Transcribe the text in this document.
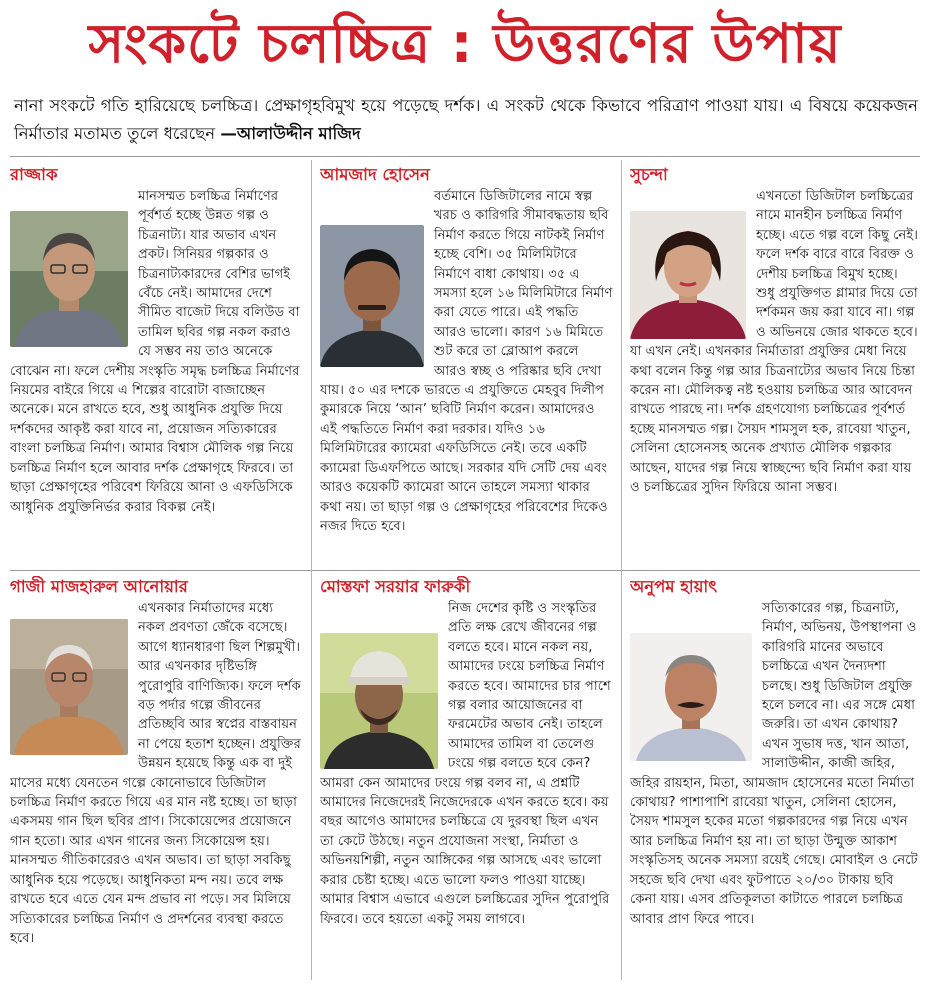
সংকটে চলচ্চিত্র : উত্তরণের উপায়
নানা সংকটে গতি হারিয়েছে চলচ্চিত্র। প্রেক্ষাগৃহবিমুখ হয়ে পড়েছে দর্শক। এ সংকট থেকে কিভাবে পরিত্রাণ পাওয়া যায়। এ বিষয়ে কয়েকজন নির্মাতার মতামত তুলে ধরেছেন —আলাউদ্দীন মাজিদ
রাজ্জাক
মানসম্মত চলচ্চিত্র নির্মাণের পূর্বশর্ত হচ্ছে উন্নত গল্প ও চিত্রনাট্য। যার অভাব এখন প্রকট। সিনিয়র গল্পকার ও চিত্রনাট্যকারদের বেশির ভাগই বেঁচে নেই। আমাদের দেশে সীমিত বাজেট দিয়ে বলিউড বা তামিল ছবির গল্প নকল করাও যে সম্ভব নয় তাও অনেকে বোঝেন না। ফলে দেশীয় সংস্কৃতি সমৃদ্ধ চলচ্চিত্র নির্মাণের নিয়মের বাইরে গিয়ে এ শিল্পের বারোটা বাজাচ্ছেন অনেকে। মনে রাখতে হবে, শুধু আধুনিক প্রযুক্তি দিয়ে দর্শকদের আকৃষ্ট করা যাবে না, প্রয়োজন সত্যিকারের বাংলা চলচ্চিত্র নির্মাণ। আমার বিশ্বাস মৌলিক গল্প নিয়ে চলচ্চিত্র নির্মাণ হলে আবার দর্শক প্রেক্ষাগৃহে ফিরবে। তা ছাড়া প্রেক্ষাগৃহের পরিবেশ ফিরিয়ে আনা ও এফডিসিকে আধুনিক প্রযুক্তিনির্ভর করার বিকল্প নেই।
আমজাদ হোসেন
বর্তমানে ডিজিটালের নামে স্বল্প খরচ ও কারিগরি সীমাবদ্ধতায় ছবি নির্মাণ করতে গিয়ে নাটকই নির্মাণ হচ্ছে বেশি। ৩৫ মিলিমিটারে নির্মাণে বাধা কোথায়। ৩৫ এ সমস্যা হলে ১৬ মিলিমিটারে নির্মাণ করা যেতে পারে। এই পদ্ধতি আরও ভালো। কারণ ১৬ মিমিতে শুট করে তা ব্লোআপ করলে আরও স্বচ্ছ ও পরিষ্কার ছবি দেখা যায়। ৫০ এর দশকে ভারতে এ প্রযুক্তিতে মেহবুব দিলীপ কুমারকে নিয়ে ‘আন’ ছবিটি নির্মাণ করেন। আমাদেরও এই পদ্ধতিতে নির্মাণ করা দরকার। যদিও ১৬ মিলিমিটারের ক্যামেরা এফডিসিতে নেই। তবে একটি ক্যামেরা ডিএফপিতে আছে। সরকার যদি সেটি দেয় এবং আরও কয়েকটি ক্যামেরা আনে তাহলে সমস্যা থাকার কথা নয়। তা ছাড়া গল্প ও প্রেক্ষাগৃহের পরিবেশের দিকেও নজর দিতে হবে।
সুচন্দা
এখনতো ডিজিটাল চলচ্চিত্রের নামে মানহীন চলচ্চিত্র নির্মাণ হচ্ছে। এতে গল্প বলে কিছু নেই। ফলে দর্শক বারে বারে বিরক্ত ও দেশীয় চলচ্চিত্র বিমুখ হচ্ছে। শুধু প্রযুক্তিগত গ্লামার দিয়ে তো দর্শকমন জয় করা যাবে না। গল্প ও অভিনয়ে জোর থাকতে হবে। যা এখন নেই। এখনকার নির্মাতারা প্রযুক্তির মেধা নিয়ে কথা বলেন কিন্তু গল্প আর চিত্রনাট্যের অভাব নিয়ে চিন্তা করেন না। মৌলিকত্ব নষ্ট হওয়ায় চলচ্চিত্র আর আবেদন রাখতে পারছে না। দর্শক গ্রহণযোগ্য চলচ্চিত্রের পূর্বশর্ত হচ্ছে মানসম্মত গল্প। সৈয়দ শামসুল হক, রাবেয়া খাতুন, সেলিনা হোসেনসহ অনেক প্রখ্যাত মৌলিক গল্পকার আছেন, যাদের গল্প নিয়ে স্বাচ্ছন্দ্যে ছবি নির্মাণ করা যায় ও চলচ্চিত্রের সুদিন ফিরিয়ে আনা সম্ভব।
গাজী মাজহারুল আনোয়ার
এখনকার নির্মাতাদের মধ্যে নকল প্রবণতা জেঁকে বসেছে। আগে ধ্যানধারণা ছিল শিল্পমুখী। আর এখনকার দৃষ্টিভঙ্গি পুরোপুরি বাণিজ্যিক। ফলে দর্শক বড় পর্দার গল্পে জীবনের প্রতিচ্ছবি আর স্বপ্নের বাস্তবায়ন না পেয়ে হতাশ হচ্ছেন। প্রযুক্তির উন্নয়ন হয়েছে কিন্তু এক বা দুই মাসের মধ্যে যেনতেন গল্পে কোনোভাবে ডিজিটাল চলচ্চিত্র নির্মাণ করতে গিয়ে এর মান নষ্ট হচ্ছে। তা ছাড়া একসময় গান ছিল ছবির প্রাণ। সিকোয়েন্সের প্রয়োজনে গান হতো। আর এখন গানের জন্য সিকোয়েন্স হয়। মানসম্মত গীতিকারেরও এখন অভাব। তা ছাড়া সবকিছু আধুনিক হয়ে পড়েছে। আধুনিকতা মন্দ নয়। তবে লক্ষ রাখতে হবে এতে যেন মন্দ প্রভাব না পড়ে। সব মিলিয়ে সত্যিকারের চলচ্চিত্র নির্মাণ ও প্রদর্শনের ব্যবস্থা করতে হবে।
মোস্তফা সরয়ার ফারুকী
নিজ দেশের কৃষ্টি ও সংস্কৃতির প্রতি লক্ষ রেখে জীবনের গল্প বলতে হবে। মানে নকল নয়, আমাদের ঢংয়ে চলচ্চিত্র নির্মাণ করতে হবে। আমাদের চার পাশে গল্প বলার আয়োজনের বা ফরমেটের অভাব নেই। তাহলে আমাদের তামিল বা তেলেগু ঢংয়ে গল্প বলতে হবে কেন? আমরা কেন আমাদের ঢংয়ে গল্প বলব না, এ প্রশ্নটি আমাদের নিজেদেরই নিজেদেরকে এখন করতে হবে। কয় বছর আগেও আমাদের চলচ্চিত্রে যে দুরবস্থা ছিল এখন তা কেটে উঠছে। নতুন প্রযোজনা সংস্থা, নির্মাতা ও অভিনয়শিল্পী, নতুন আঙ্গিকের গল্প আসছে এবং ভালো করার চেষ্টা হচ্ছে। এতে ভালো ফলও পাওয়া যাচ্ছে। আমার বিশ্বাস এভাবে এগুলে চলচ্চিত্রের সুদিন পুরোপুরি ফিরবে। তবে হয়তো একটু সময় লাগবে।
অনুপম হায়াৎ
সত্যিকারের গল্প, চিত্রনাট্য, নির্মাণ, অভিনয়, উপস্থাপনা ও কারিগরি মানের অভাবে চলচ্চিত্রে এখন দৈন্যদশা চলছে। শুধু ডিজিটাল প্রযুক্তি হলে চলবে না। এর সঙ্গে মেধা জরুরি। তা এখন কোথায়? এখন সুভাষ দত্ত, খান আতা, সালাউদ্দীন, কাজী জহির, জহির রায়হান, মিতা, আমজাদ হোসেনের মতো নির্মাতা কোথায়? পাশাপাশি রাবেয়া খাতুন, সেলিনা হোসেন, সৈয়দ শামসুল হকের মতো গল্পকারদের গল্প নিয়ে এখন আর চলচ্চিত্র নির্মাণ হয় না। তা ছাড়া উন্মুক্ত আকাশ সংস্কৃতিসহ অনেক সমস্যা রয়েই গেছে। মোবাইল ও নেটে সহজে ছবি দেখা এবং ফুটপাতে ২০/৩০ টাকায় ছবি কেনা যায়। এসব প্রতিকূলতা কাটাতে পারলে চলচ্চিত্র আবার প্রাণ ফিরে পাবে।
